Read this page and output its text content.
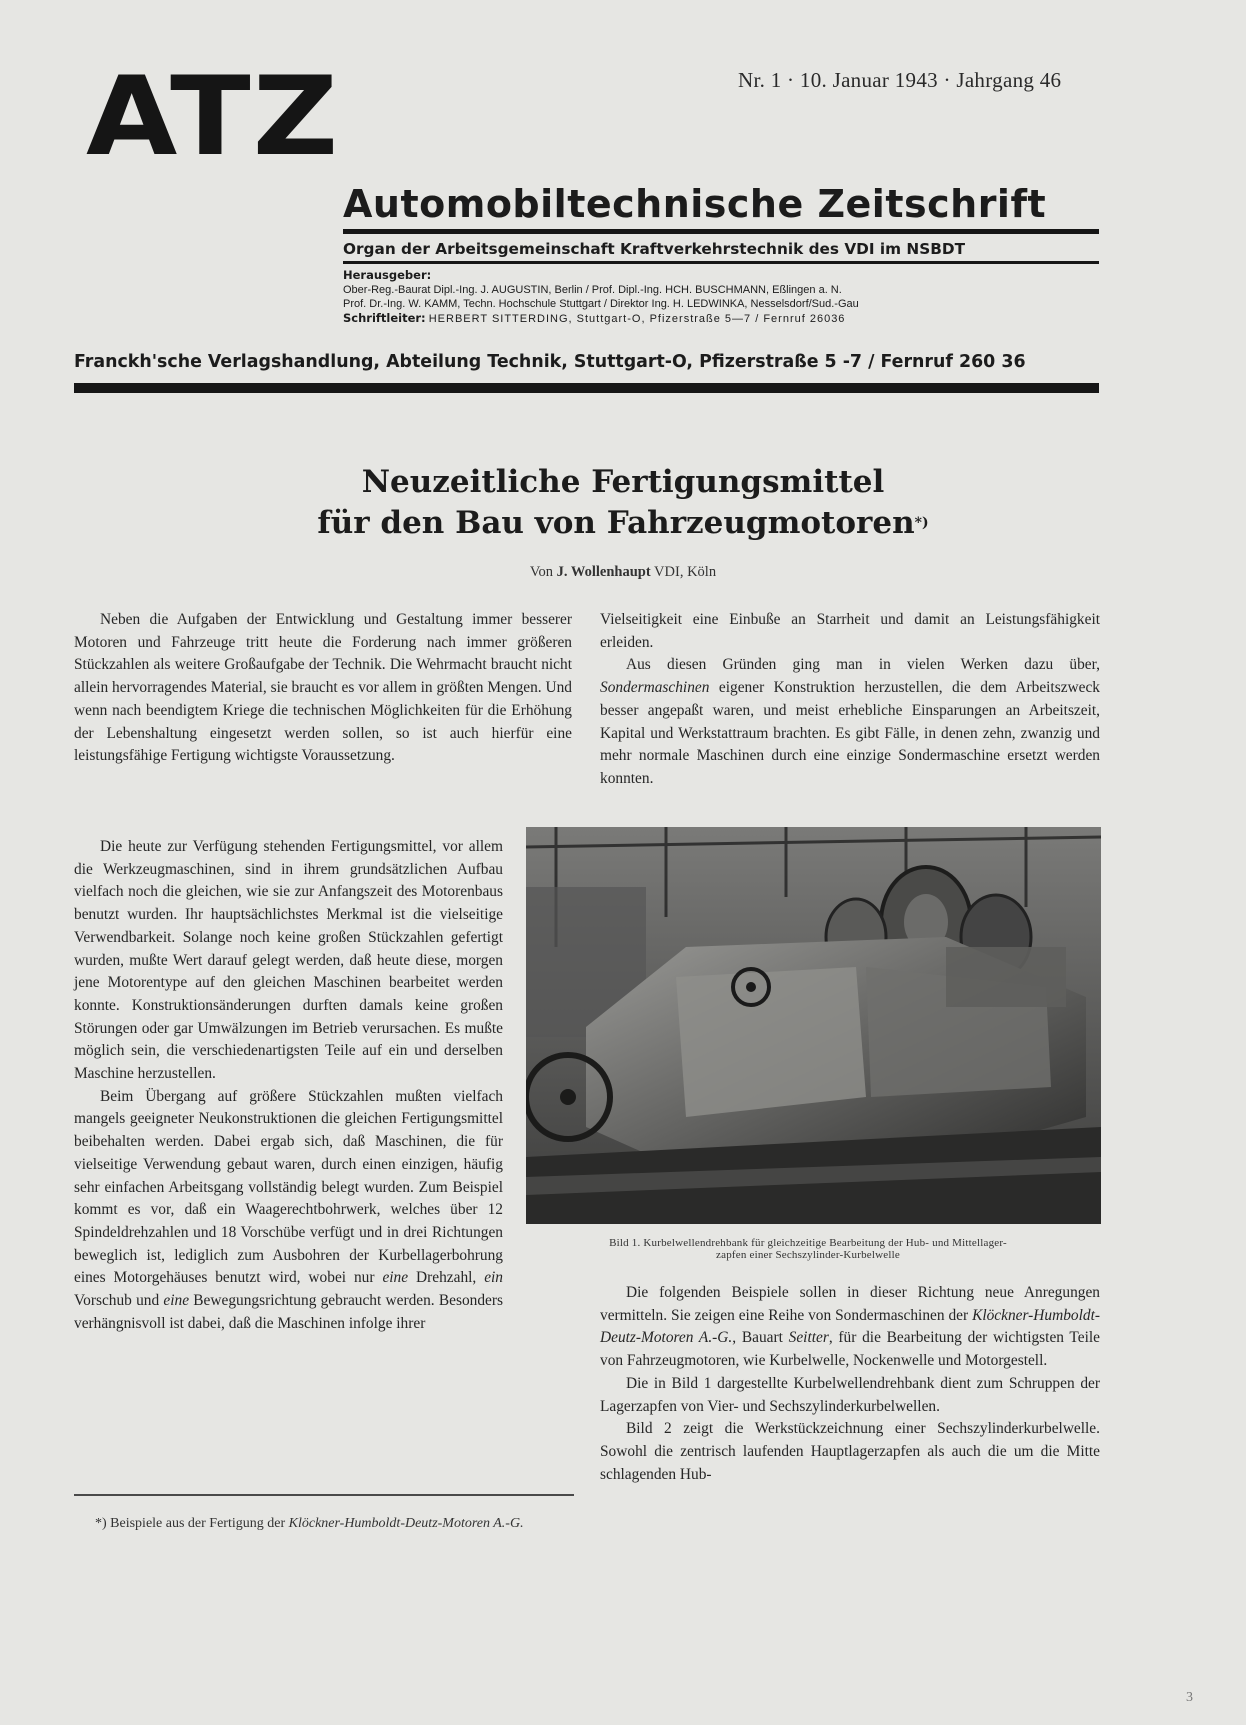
ATZ	Nr. 1 · 10. Januar 1943 · Jahrgang 46
Automobiltechnische Zeitschrift
Organ der Arbeitsgemeinschaft Kraftverkehrstechnik des VDI im NSBDT
Herausgeber:
Ober-Reg.-Baurat Dipl.-Ing. J. AUGUSTIN, Berlin / Prof. Dipl.-Ing. HCH. BUSCHMANN, Eßlingen a. N.
Prof. Dr.-Ing. W. KAMM, Techn. Hochschule Stuttgart / Direktor Ing. H. LEDWINKA, Nesselsdorf/Sud.-Gau
Schriftleiter: HERBERT SITTERDING, Stuttgart-O, Pfizerstraße 5—7 / Fernruf 26036
Franckh'sche Verlagshandlung, Abteilung Technik, Stuttgart-O, Pfizerstraße 5 -7 / Fernruf 260 36
Neuzeitliche Fertigungsmittel
für den Bau von Fahrzeugmotoren*)
Von J. Wollenhaupt VDI, Köln

Neben die Aufgaben der Entwicklung und Gestaltung immer besserer Motoren und Fahrzeuge tritt heute die Forderung nach immer größeren Stückzahlen als weitere Großaufgabe der Technik. Die Wehrmacht braucht nicht allein hervorragendes Material, sie braucht es vor allem in größten Mengen. Und wenn nach beendigtem Kriege die technischen Möglichkeiten für die Erhöhung der Lebenshaltung eingesetzt werden sollen, so ist auch hierfür eine leistungsfähige Fertigung wichtigste Voraussetzung.

Die heute zur Verfügung stehenden Fertigungsmittel, vor allem die Werkzeugmaschinen, sind in ihrem grundsätzlichen Aufbau vielfach noch die gleichen, wie sie zur Anfangszeit des Motorenbaus benutzt wurden. Ihr hauptsächlichstes Merkmal ist die vielseitige Verwendbarkeit. Solange noch keine großen Stückzahlen gefertigt wurden, mußte Wert darauf gelegt werden, daß heute diese, morgen jene Motorentype auf den gleichen Maschinen bearbeitet werden konnte. Konstruktionsänderungen durften damals keine großen Störungen oder gar Umwälzungen im Betrieb verursachen. Es mußte möglich sein, die verschiedenartigsten Teile auf ein und derselben Maschine herzustellen.

Beim Übergang auf größere Stückzahlen mußten vielfach mangels geeigneter Neukonstruktionen die gleichen Fertigungsmittel beibehalten werden. Dabei ergab sich, daß Maschinen, die für vielseitige Verwendung gebaut waren, durch einen einzigen, häufig sehr einfachen Arbeitsgang vollständig belegt wurden. Zum Beispiel kommt es vor, daß ein Waagerechtbohrwerk, welches über 12 Spindeldrehzahlen und 18 Vorschübe verfügt und in drei Richtungen beweglich ist, lediglich zum Ausbohren der Kurbellagerbohrung eines Motorgehäuses benutzt wird, wobei nur eine Drehzahl, ein Vorschub und eine Bewegungsrichtung gebraucht werden. Besonders verhängnisvoll ist dabei, daß die Maschinen infolge ihrer

Vielseitigkeit eine Einbuße an Starrheit und damit an Leistungsfähigkeit erleiden.

Aus diesen Gründen ging man in vielen Werken dazu über, Sondermaschinen eigener Konstruktion herzustellen, die dem Arbeitszweck besser angepaßt waren, und meist erhebliche Einsparungen an Arbeitszeit, Kapital und Werkstattraum brachten. Es gibt Fälle, in denen zehn, zwanzig und mehr normale Maschinen durch eine einzige Sondermaschine ersetzt werden konnten.

Bild 1. Kurbelwellendrehbank für gleichzeitige Bearbeitung der Hub- und Mittellager-
zapfen einer Sechszylinder-Kurbelwelle

Die folgenden Beispiele sollen in dieser Richtung neue Anregungen vermitteln. Sie zeigen eine Reihe von Sondermaschinen der Klöckner-Humboldt-Deutz-Motoren A.-G., Bauart Seitter, für die Bearbeitung der wichtigsten Teile von Fahrzeugmotoren, wie Kurbelwelle, Nockenwelle und Motorgestell.

Die in Bild 1 dargestellte Kurbelwellendrehbank dient zum Schruppen der Lagerzapfen von Vier- und Sechszylinderkurbelwellen.

Bild 2 zeigt die Werkstückzeichnung einer Sechszylinderkurbelwelle. Sowohl die zentrisch laufenden Hauptlagerzapfen als auch die um die Mitte schlagenden Hub-

*) Beispiele aus der Fertigung der Klöckner-Humboldt-Deutz-Motoren A.-G.
3
